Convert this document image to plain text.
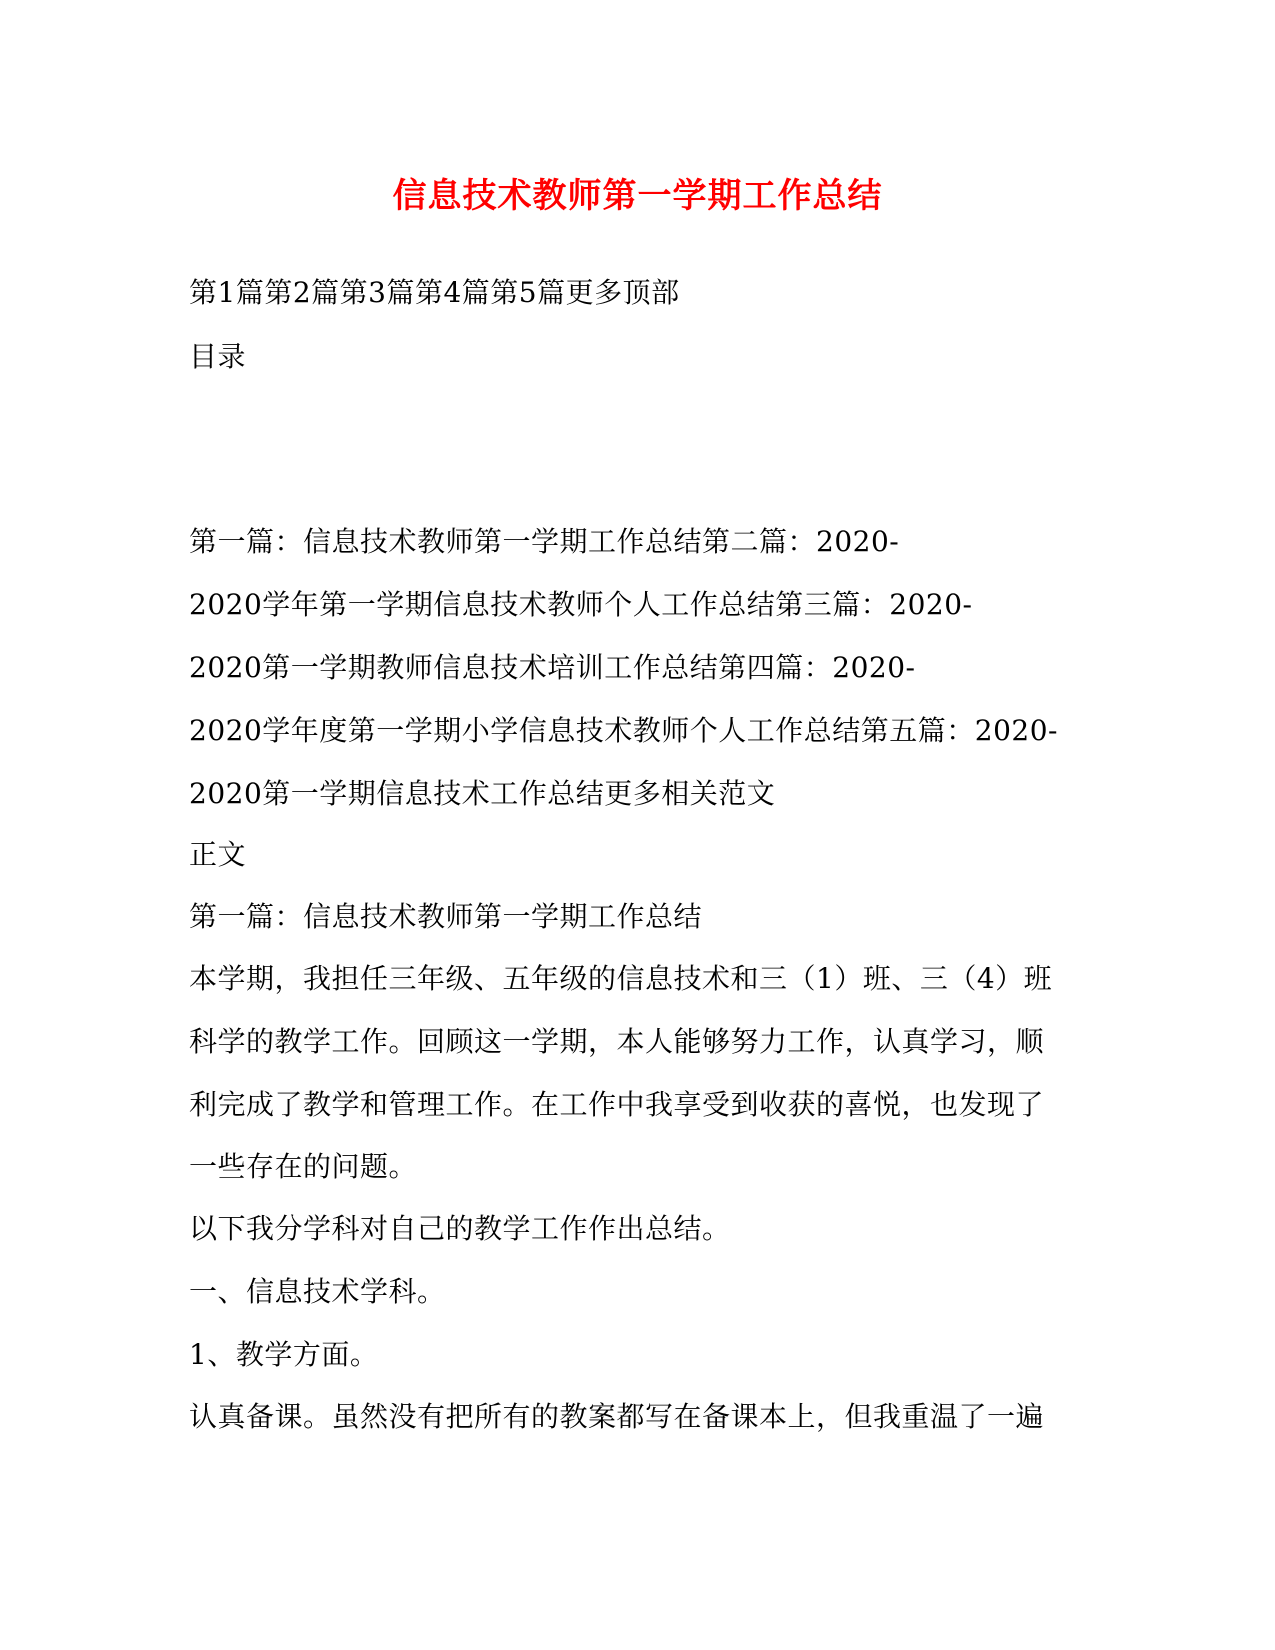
信息技术教师第一学期工作总结
第1篇第2篇第3篇第4篇第5篇更多顶部
目录
第一篇：信息技术教师第一学期工作总结第二篇：2020-
2020学年第一学期信息技术教师个人工作总结第三篇：2020-
2020第一学期教师信息技术培训工作总结第四篇：2020-
2020学年度第一学期小学信息技术教师个人工作总结第五篇：2020-
2020第一学期信息技术工作总结更多相关范文
正文
第一篇：信息技术教师第一学期工作总结
本学期，我担任三年级、五年级的信息技术和三（1）班、三（4）班
科学的教学工作。回顾这一学期，本人能够努力工作，认真学习，顺
利完成了教学和管理工作。在工作中我享受到收获的喜悦，也发现了
一些存在的问题。
以下我分学科对自己的教学工作作出总结。
一、信息技术学科。
1、教学方面。
认真备课。虽然没有把所有的教案都写在备课本上，但我重温了一遍
